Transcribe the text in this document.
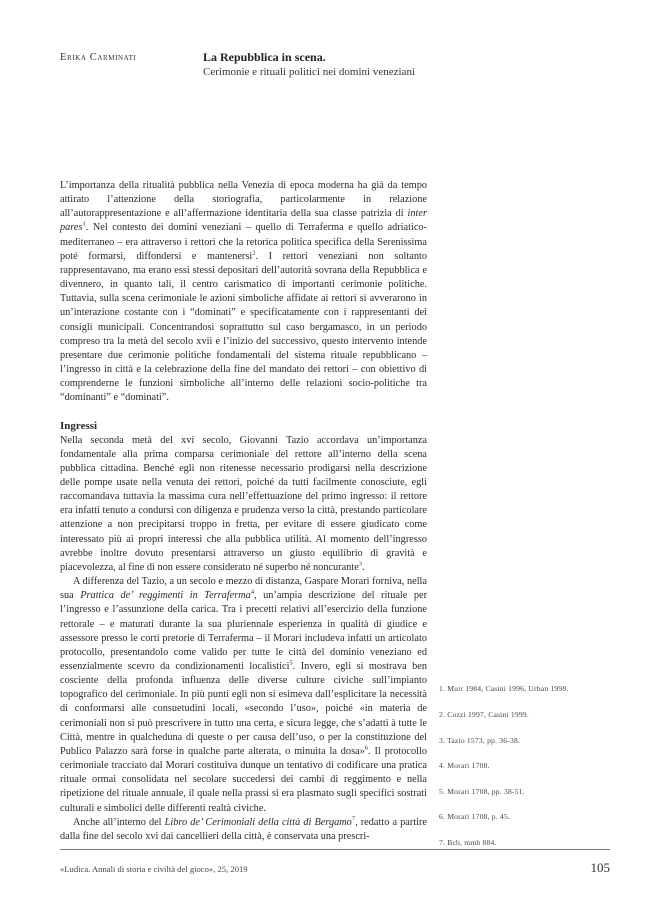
Erika Carminati	La Repubblica in scena.
Cerimonie e rituali politici nei domini veneziani

L’importanza della ritualità pubblica nella Venezia di epoca moderna ha già da tempo attirato l’attenzione della storiografia, particolarmente in relazione all’autorappresentazione e all’affermazione identitaria della sua classe patrizia di inter pares$^1$. Nel contesto dei domini veneziani – quello di Terraferma e quello adriatico-mediterraneo – era attraverso i rettori che la retorica politica specifica della Serenissima poté formarsi, diffondersi e mantenersi$^2$. I rettori veneziani non soltanto rappresentavano, ma erano essi stessi depositari dell’autorità sovrana della Repubblica e divennero, in quanto tali, il centro carismatico di importanti cerimonie politiche. Tuttavia, sulla scena cerimoniale le azioni simboliche affidate ai rettori si avverarono in un’interazione costante con i “dominati” e specificatamente con i rappresentanti dei consigli municipali. Concentrandosi soprattutto sul caso bergamasco, in un periodo compreso tra la metà del secolo xvii e l’inizio del successivo, questo intervento intende presentare due cerimonie politiche fondamentali del sistema rituale repubblicano – l’ingresso in città e la celebrazione della fine del mandato dei rettori – con obiettivo di comprenderne le funzioni simboliche all’interno delle relazioni socio-politiche tra “dominanti” e “dominati”.

Ingressi

Nella seconda metà del xvi secolo, Giovanni Tazio accordava un’importanza fondamentale alla prima comparsa cerimoniale del rettore all’interno della scena pubblica cittadina. Benché egli non ritenesse necessario prodigarsi nella descrizione delle pompe usate nella venuta dei rettori, poiché da tutti facilmente conosciute, egli raccomandava tuttavia la massima cura nell’effettuazione del primo ingresso: il rettore era infatti tenuto a condursi con diligenza e prudenza verso la città, prestando particolare attenzione a non precipitarsi troppo in fretta, per evitare di essere giudicato come interessato più ai propri interessi che alla pubblica utilità. Al momento dell’ingresso avrebbe inoltre dovuto presentarsi attraverso un giusto equilibrio di gravità e piacevolezza, al fine di non essere considerato né superbo né noncurante$^3$.

A differenza del Tazio, a un secolo e mezzo di distanza, Gaspare Morari forniva, nella sua Prattica de’ reggimenti in Terraferma$^4$, un’ampia descrizione del rituale per l’ingresso e l’assunzione della carica. Tra i precetti relativi all’esercizio della funzione rettorale – e maturati durante la sua pluriennale esperienza in qualità di giudice e assessore presso le corti pretorie di Terraferma – il Morari includeva infatti un articolato protocollo, presentandolo come valido per tutte le città del dominio veneziano ed essenzialmente scevro da condizionamenti localistici$^5$. Invero, egli si mostrava ben cosciente della profonda influenza delle diverse culture civiche sull’impianto topografico del cerimoniale. In più punti egli non si esimeva dall’esplicitare la necessità di conformarsi alle consuetudini locali, «secondo l’uso», poiché «in materia de cerimoniali non si può prescrivere in tutto una certa, e sicura legge, che s’adatti à tutte le Città, mentre in qualcheduna di queste o per causa dell’uso, o per la constituzione del Publico Palazzo sarà forse in qualche parte alterata, o minuita la dosa»$^6$. Il protocollo cerimoniale tracciato dal Morari costituiva dunque un tentativo di codificare una pratica rituale ormai consolidata nel secolare succedersi dei cambi di reggimento e nella ripetizione del rituale annuale, il quale nella prassi si era plasmato sugli specifici sostrati culturali e simbolici delle differenti realtà civiche.

Anche all’interno del Libro de’ Cerimoniali della città di Bergamo$^7$, redatto a partire dalla fine del secolo xvi dai cancellieri della città, è conservata una prescri-

1. Muir 1984, Casini 1996, Urban 1998.
2. Cozzi 1997, Casini 1999.
3. Tazio 1573, pp. 36-38.
4. Morari 1708.
5. Morari 1708, pp. 38-51.
6. Morari 1708, p. 45.
7. Bcb, mmb 884.
«Ludica. Annali di storia e civiltà del gioco», 25, 2019	105
